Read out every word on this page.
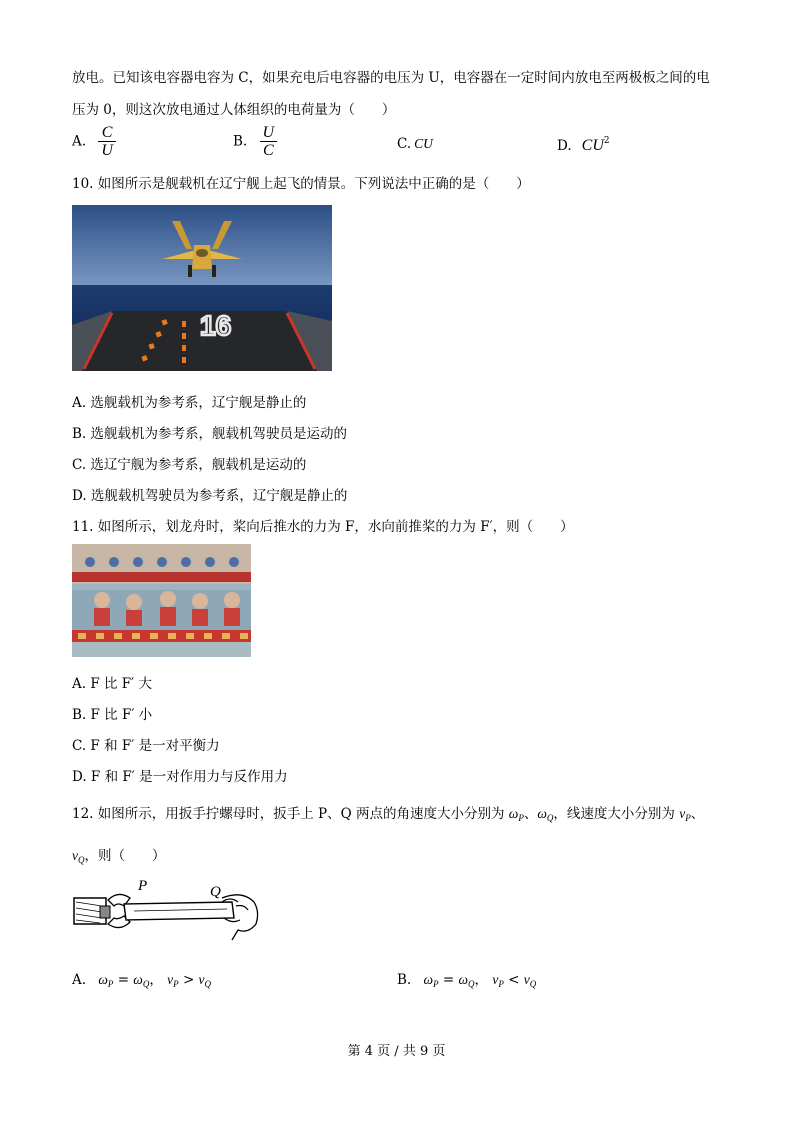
放电。已知该电容器电容为 C，如果充电后电容器的电压为 U，电容器在一定时间内放电至两极板之间的电
压为 0，则这次放电通过人体组织的电荷量为（　　）
A. $\frac{C}{U}$	B. $\frac{U}{C}$	C. CU	D. $CU^2$
10. 如图所示是舰载机在辽宁舰上起飞的情景。下列说法中正确的是（　　）
16
A. 选舰载机为参考系，辽宁舰是静止的
B. 选舰载机为参考系，舰载机驾驶员是运动的
C. 选辽宁舰为参考系，舰载机是运动的
D. 选舰载机驾驶员为参考系，辽宁舰是静止的
11. 如图所示，划龙舟时，桨向后推水的力为 F，水向前推桨的力为 F′，则（　　）
A. F 比 F′ 大
B. F 比 F′ 小
C. F 和 F′ 是一对平衡力
D. F 和 F′ 是一对作用力与反作用力
12. 如图所示，用扳手拧螺母时，扳手上 P、Q 两点的角速度大小分别为 $\omega_P$、$\omega_Q$，线速度大小分别为 $v_P$、
$v_Q$，则（　　）
P	Q
A. $\omega_P = \omega_Q$， $v_P > v_Q$	B. $\omega_P = \omega_Q$， $v_P < v_Q$
第 4 页 / 共 9 页
